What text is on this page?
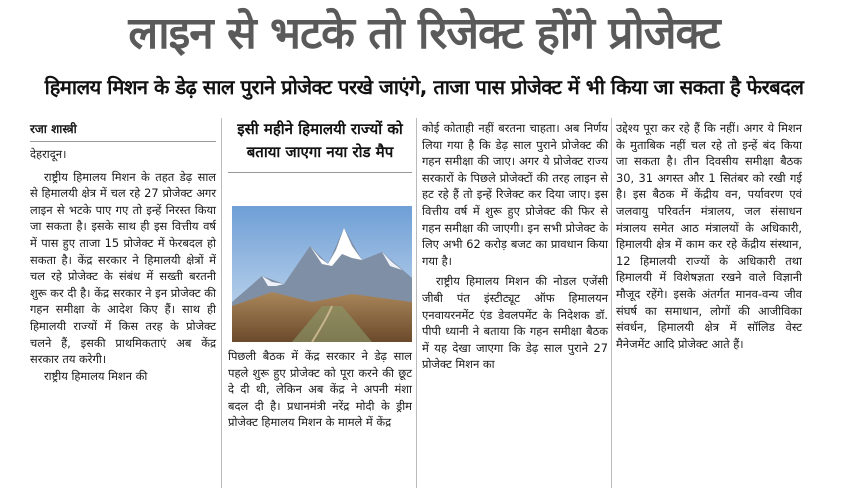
लाइन से भटके तो रिजेक्ट होंगे प्रोजेक्ट
हिमालय मिशन के डेढ़ साल पुराने प्रोजेक्ट परखे जाएंगे, ताजा पास प्रोजेक्ट में भी किया जा सकता है फेरबदल
रजा शास्त्री
देहरादून।

राष्ट्रीय हिमालय मिशन के तहत डेढ़ साल से हिमालयी क्षेत्र में चल रहे 27 प्रोजेक्ट अगर लाइन से भटके पाए गए तो इन्हें निरस्त किया जा सकता है। इसके साथ ही इस वित्तीय वर्ष में पास हुए ताजा 15 प्रोजेक्ट में फेरबदल हो सकता है। केंद्र सरकार ने हिमालयी क्षेत्रों में चल रहे प्रोजेक्ट के संबंध में सख्ती बरतनी शुरू कर दी है। केंद्र सरकार ने इन प्रोजेक्ट की गहन समीक्षा के आदेश किए हैं। साथ ही हिमालयी राज्यों में किस तरह के प्रोजेक्ट चलने हैं, इसकी प्राथमिकताएं अब केंद्र सरकार तय करेगी।

राष्ट्रीय हिमालय मिशन की

इसी महीने हिमालयी राज्यों को बताया जाएगा नया रोड मैप

पिछली बैठक में केंद्र सरकार ने डेढ़ साल पहले शुरू हुए प्रोजेक्ट को पूरा करने की छूट दे दी थी, लेकिन अब केंद्र ने अपनी मंशा बदल दी है। प्रधानमंत्री नरेंद्र मोदी के ड्रीम प्रोजेक्ट हिमालय मिशन के मामले में केंद्र

कोई कोताही नहीं बरतना चाहता। अब निर्णय लिया गया है कि डेढ़ साल पुराने प्रोजेक्ट की गहन समीक्षा की जाए। अगर ये प्रोजेक्ट राज्य सरकारों के पिछले प्रोजेक्टों की तरह लाइन से हट रहे हैं तो इन्हें रिजेक्ट कर दिया जाए। इस वित्तीय वर्ष में शुरू हुए प्रोजेक्ट की फिर से गहन समीक्षा की जाएगी। इन सभी प्रोजेक्ट के लिए अभी 62 करोड़ बजट का प्रावधान किया गया है।

राष्ट्रीय हिमालय मिशन की नोडल एजेंसी जीबी पंत इंस्टीट्यूट ऑफ हिमालयन एनवायरनमेंट एंड डेवलपमेंट के निदेशक डॉ. पीपी ध्यानी ने बताया कि गहन समीक्षा बैठक में यह देखा जाएगा कि डेढ़ साल पुराने 27 प्रोजेक्ट मिशन का

उद्देश्य पूरा कर रहे हैं कि नहीं। अगर ये मिशन के मुताबिक नहीं चल रहे तो इन्हें बंद किया जा सकता है। तीन दिवसीय समीक्षा बैठक 30, 31 अगस्त और 1 सितंबर को रखी गई है। इस बैठक में केंद्रीय वन, पर्यावरण एवं जलवायु परिवर्तन मंत्रालय, जल संसाधन मंत्रालय समेत आठ मंत्रालयों के अधिकारी, हिमालयी क्षेत्र में काम कर रहे केंद्रीय संस्थान, 12 हिमालयी राज्यों के अधिकारी तथा हिमालयी में विशेषज्ञता रखने वाले विज्ञानी मौजूद रहेंगे। इसके अंतर्गत मानव-वन्य जीव संघर्ष का समाधान, लोगों की आजीविका संवर्धन, हिमालयी क्षेत्र में सॉलिड वेस्ट मैनेजमेंट आदि प्रोजेक्ट आते हैं।
